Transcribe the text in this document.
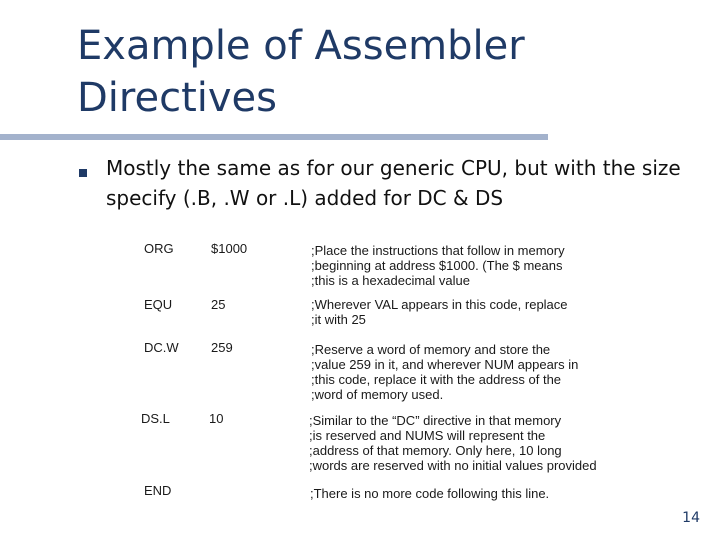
Example of Assembler
Directives
Mostly the same as for our generic CPU, but with the size specify (.B, .W or .L) added for DC & DS
ORG	$1000	;Place the instructions that follow in memory
;beginning at address $1000. (The $ means
;this is a hexadecimal value
EQU	25	;Wherever VAL appears in this code, replace
;it with 25
DC.W 259	;Reserve a word of memory and store the
;value 259 in it, and wherever NUM appears in
;this code, replace it with the address of the
;word of memory used.
DS.L	10	;Similar to the “DC” directive in that memory
;is reserved and NUMS will represent the
;address of that memory. Only here, 10 long
;words are reserved with no initial values provided
END	;There is no more code following this line.
14
